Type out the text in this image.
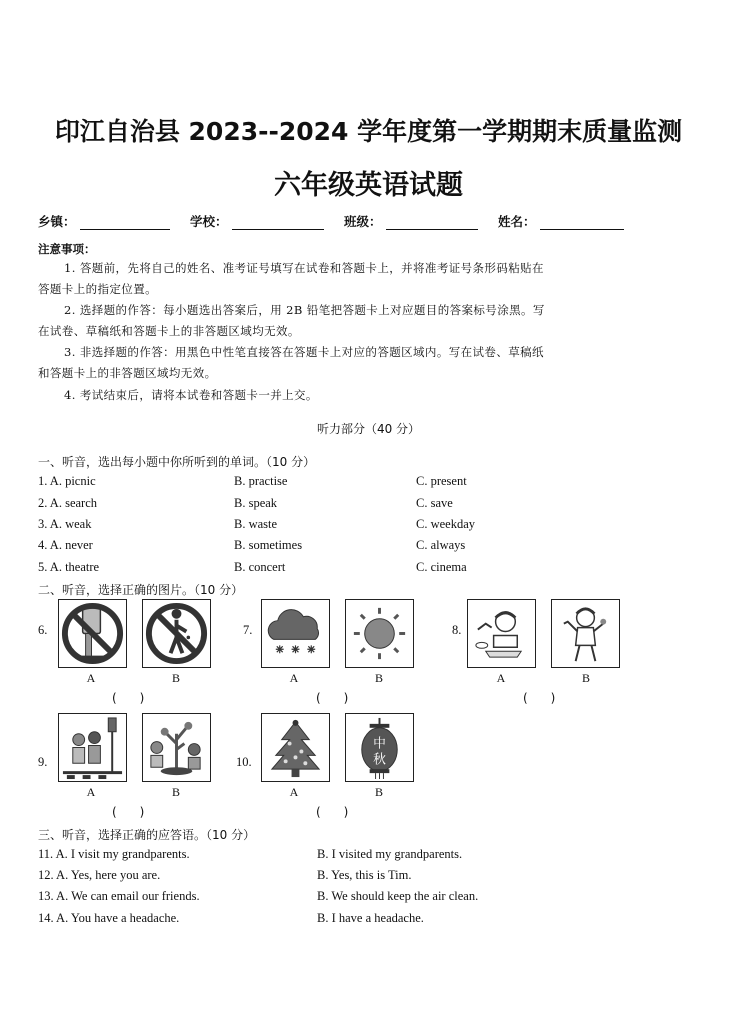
印江自治县 2023--2024 学年度第一学期期末质量监测
六年级英语试题
乡镇：	学校：	班级：	姓名：
注意事项：
1. 答题前，先将自己的姓名、准考证号填写在试卷和答题卡上，并将准考证号条形码粘贴在
答题卡上的指定位置。
2. 选择题的作答：每小题选出答案后，用 2B 铅笔把答题卡上对应题目的答案标号涂黑。写
在试卷、草稿纸和答题卡上的非答题区域均无效。
3. 非选择题的作答：用黑色中性笔直接答在答题卡上对应的答题区域内。写在试卷、草稿纸
和答题卡上的非答题区域均无效。
4. 考试结束后，请将本试卷和答题卡一并上交。
听力部分（40 分）
一、听音，选出每小题中你所听到的单词。（10 分）
1. A. picnic	B. practise	C. present
2. A. search	B. speak	C. save
3. A. weak	B. waste	C. weekday
4. A. never	B. sometimes	C. always
5. A. theatre	B. concert	C. cinema
二、听音，选择正确的图片。（10 分）
6.
A	B
(      )
7.
A	B
(      )
8.
A	B
(      )
9.
A	B
(      )
10.
中
秋
A	B
(      )
三、听音，选择正确的应答语。（10 分）
11. A. I visit my grandparents.	B. I visited my grandparents.
12. A. Yes, here you are.	B. Yes, this is Tim.
13. A. We can email our friends.	B. We should keep the air clean.
14. A. You have a headache.	B. I have a headache.
